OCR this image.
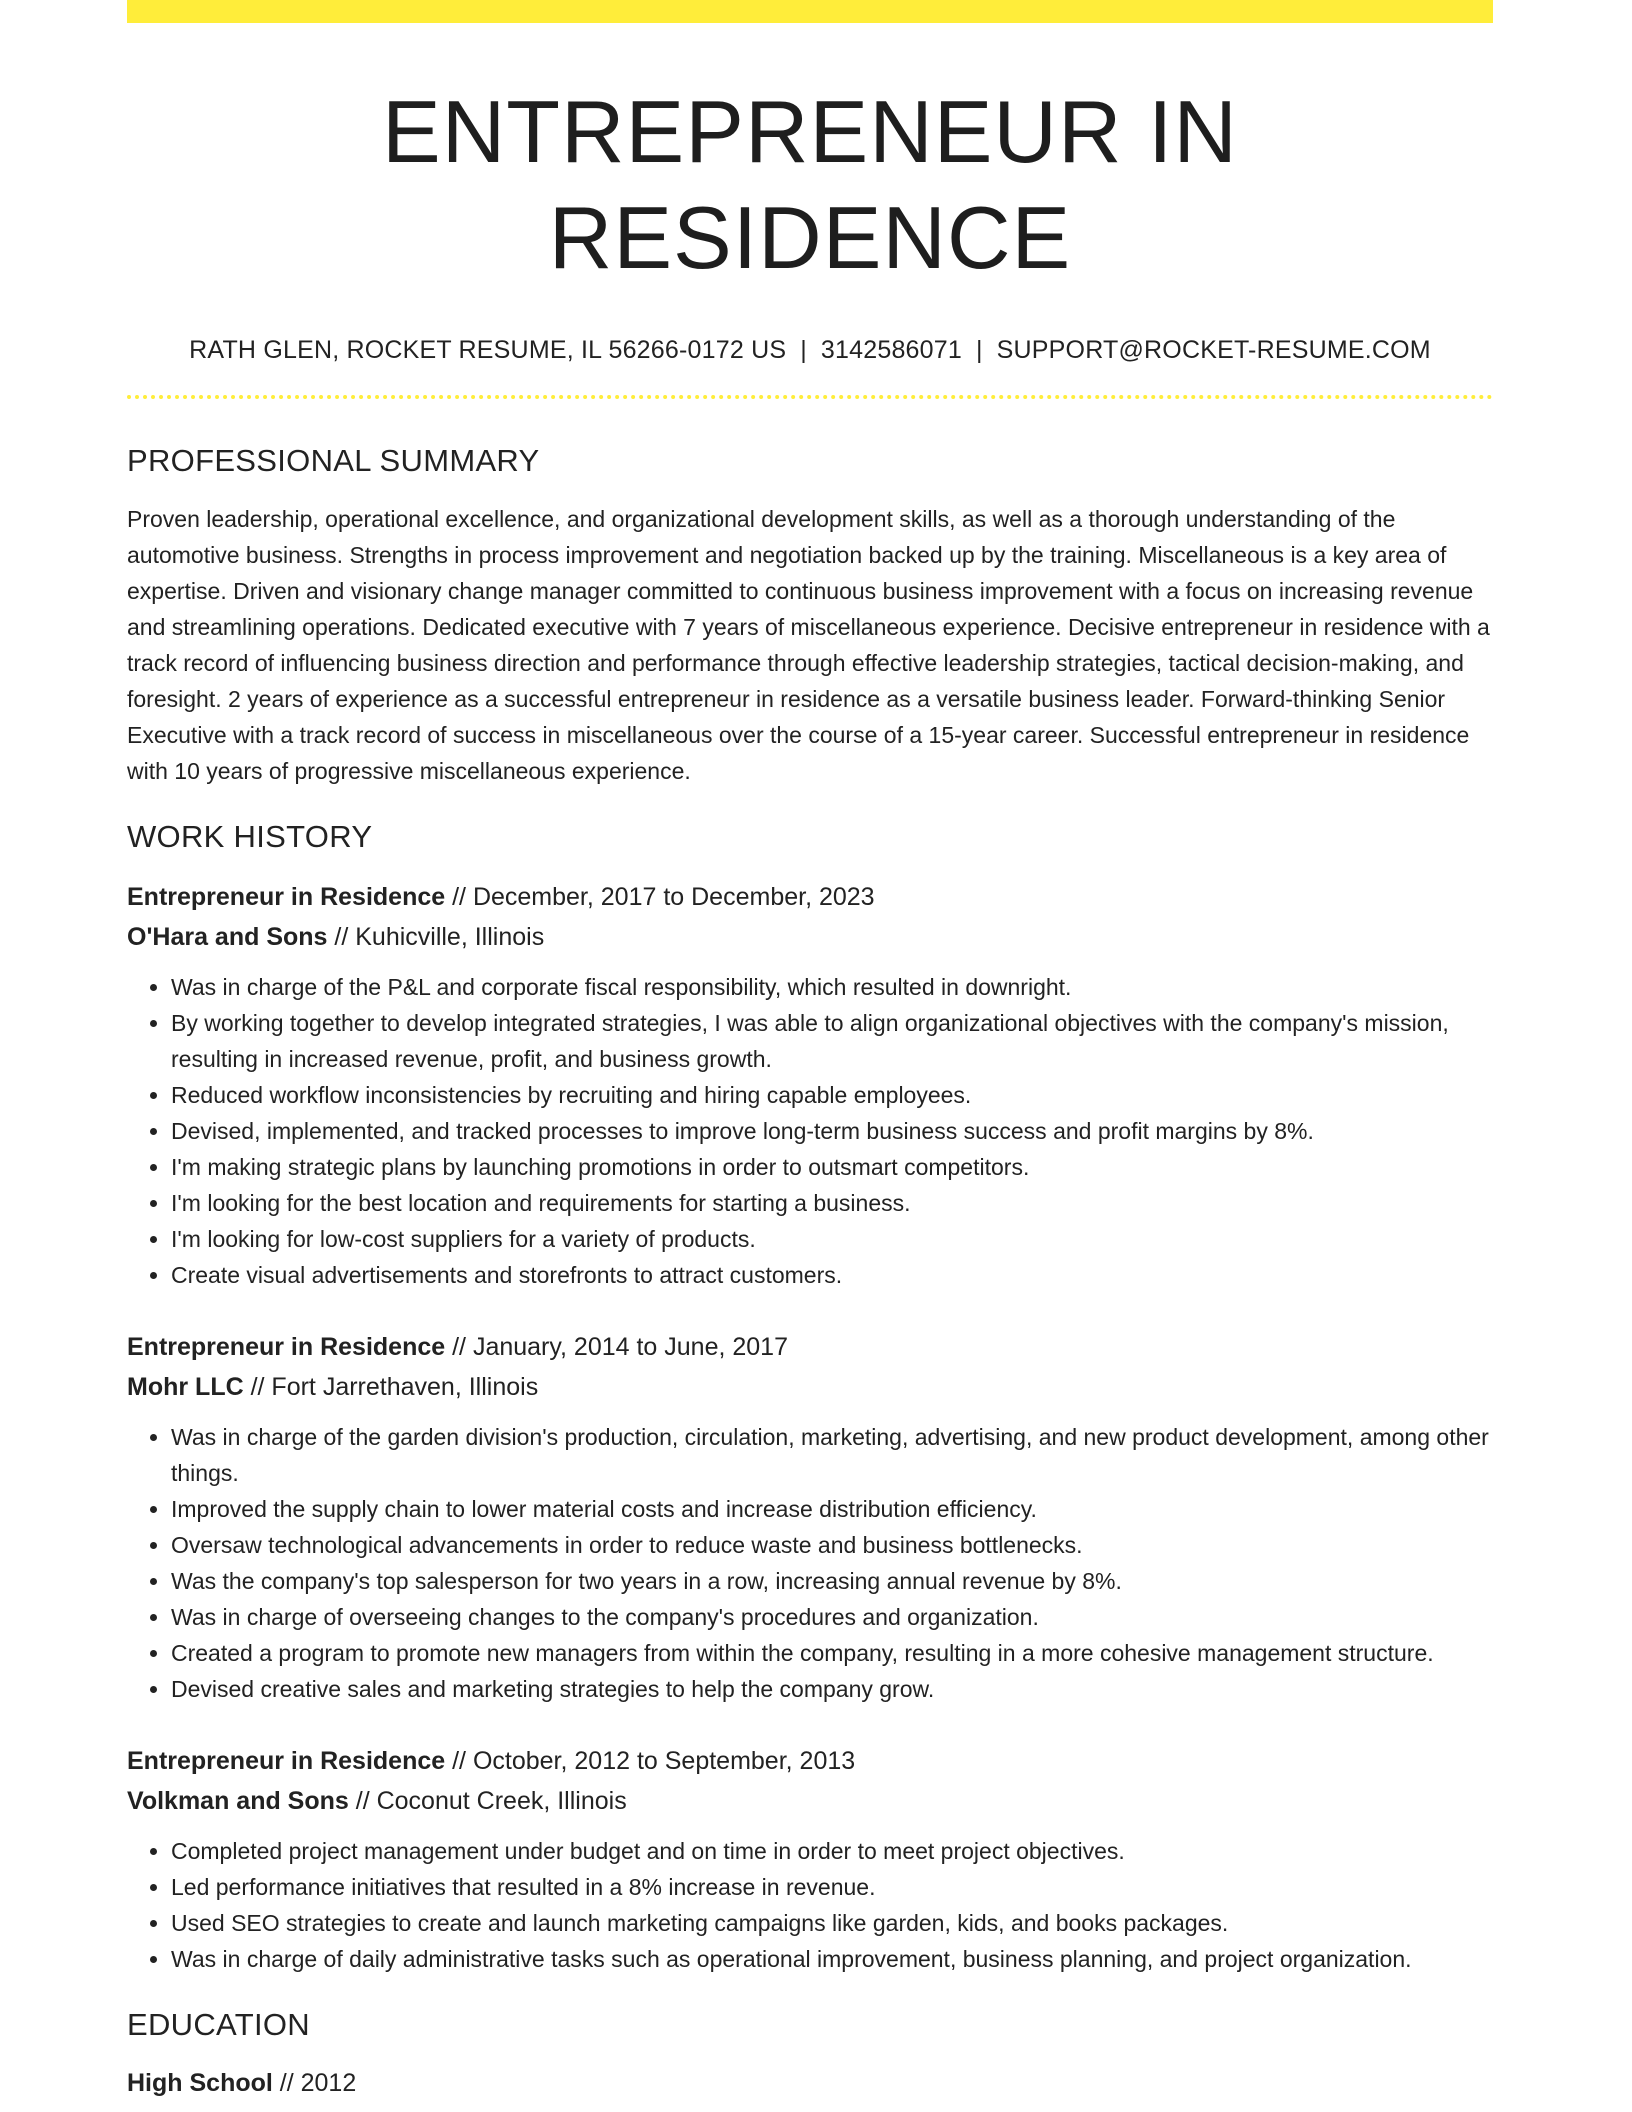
ENTREPRENEUR IN RESIDENCE
RATH GLEN, ROCKET RESUME, IL 56266-0172 US | 3142586071 | SUPPORT@ROCKET-RESUME.COM
PROFESSIONAL SUMMARY

Proven leadership, operational excellence, and organizational development skills, as well as a thorough understanding of the automotive business. Strengths in process improvement and negotiation backed up by the training. Miscellaneous is a key area of expertise. Driven and visionary change manager committed to continuous business improvement with a focus on increasing revenue and streamlining operations. Dedicated executive with 7 years of miscellaneous experience. Decisive entrepreneur in residence with a track record of influencing business direction and performance through effective leadership strategies, tactical decision-making, and foresight. 2 years of experience as a successful entrepreneur in residence as a versatile business leader. Forward-thinking Senior Executive with a track record of success in miscellaneous over the course of a 15-year career. Successful entrepreneur in residence with 10 years of progressive miscellaneous experience.

WORK HISTORY
Entrepreneur in Residence // December, 2017 to December, 2023
O'Hara and Sons // Kuhicville, Illinois
• Was in charge of the P&L and corporate fiscal responsibility, which resulted in downright.
• By working together to develop integrated strategies, I was able to align organizational objectives with the company's mission, resulting in increased revenue, profit, and business growth.
• Reduced workflow inconsistencies by recruiting and hiring capable employees.
• Devised, implemented, and tracked processes to improve long-term business success and profit margins by 8%.
• I'm making strategic plans by launching promotions in order to outsmart competitors.
• I'm looking for the best location and requirements for starting a business.
• I'm looking for low-cost suppliers for a variety of products.
• Create visual advertisements and storefronts to attract customers.
Entrepreneur in Residence // January, 2014 to June, 2017
Mohr LLC // Fort Jarrethaven, Illinois
• Was in charge of the garden division's production, circulation, marketing, advertising, and new product development, among other things.
• Improved the supply chain to lower material costs and increase distribution efficiency.
• Oversaw technological advancements in order to reduce waste and business bottlenecks.
• Was the company's top salesperson for two years in a row, increasing annual revenue by 8%.
• Was in charge of overseeing changes to the company's procedures and organization.
• Created a program to promote new managers from within the company, resulting in a more cohesive management structure.
• Devised creative sales and marketing strategies to help the company grow.
Entrepreneur in Residence // October, 2012 to September, 2013
Volkman and Sons // Coconut Creek, Illinois
• Completed project management under budget and on time in order to meet project objectives.
• Led performance initiatives that resulted in a 8% increase in revenue.
• Used SEO strategies to create and launch marketing campaigns like garden, kids, and books packages.
• Was in charge of daily administrative tasks such as operational improvement, business planning, and project organization.
EDUCATION
High School // 2012
